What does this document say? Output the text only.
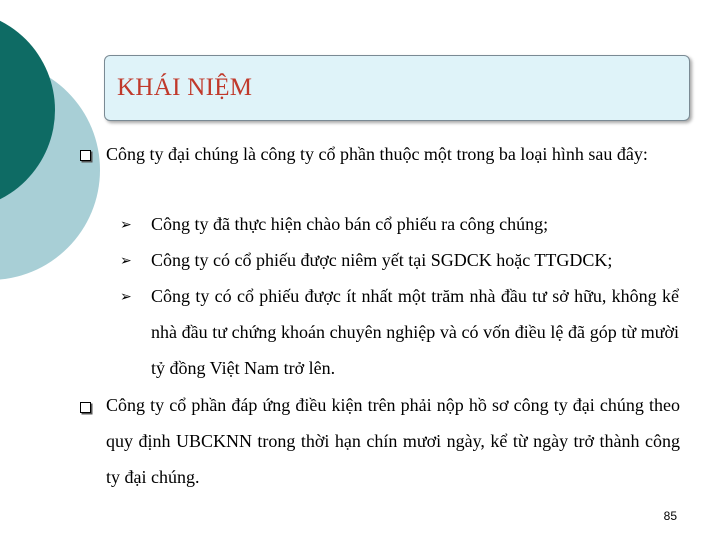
KHÁI NIỆM
Công ty đại chúng là công ty cổ phần thuộc một trong ba loại hình sau đây:
➢ Công ty đã thực hiện chào bán cổ phiếu ra công chúng;
➢ Công ty có cổ phiếu được niêm yết tại SGDCK hoặc TTGDCK;
➢ Công ty có cổ phiếu được ít nhất một trăm nhà đầu tư sở hữu, không kể nhà đầu tư chứng khoán chuyên nghiệp và có vốn điều lệ đã góp từ mười tỷ đồng Việt Nam trở lên.
Công ty cổ phần đáp ứng điều kiện trên phải nộp hồ sơ công ty đại chúng theo quy định UBCKNN trong thời hạn chín mươi ngày, kể từ ngày trở thành công ty đại chúng.
85
